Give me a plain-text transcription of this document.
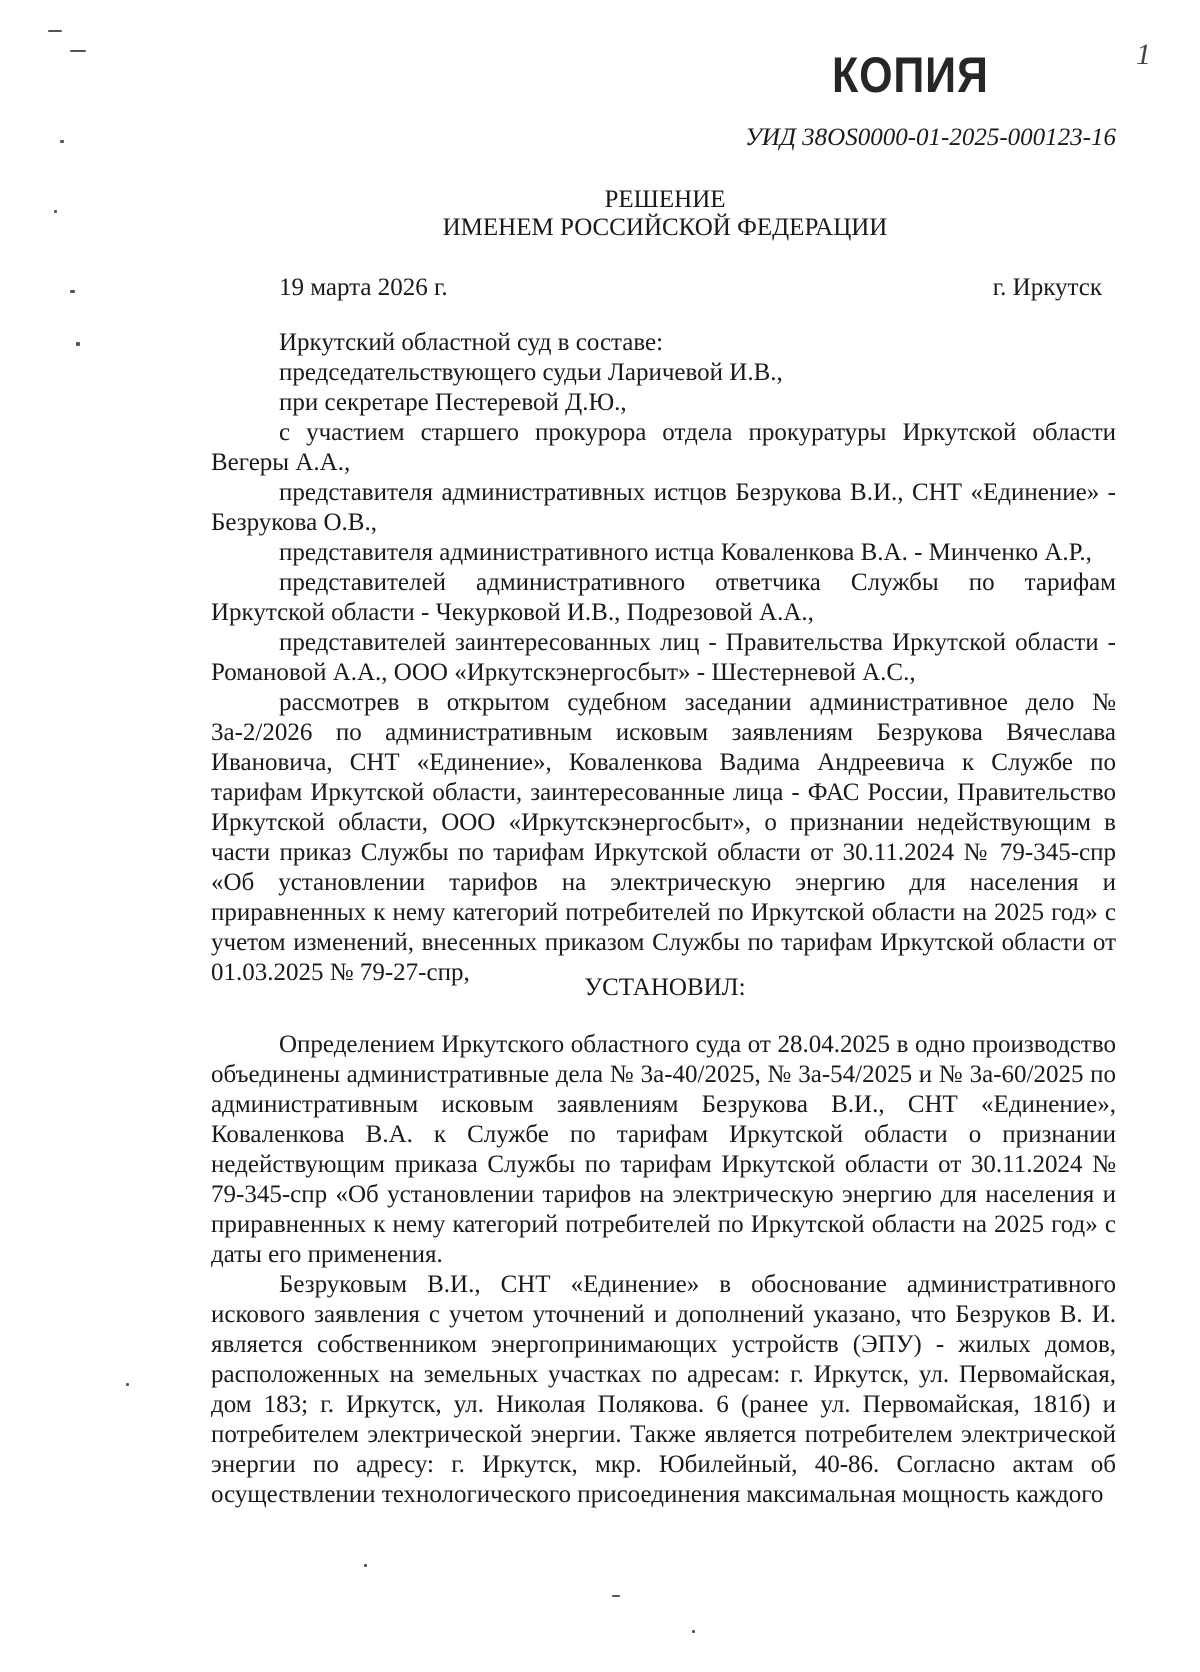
КОПИЯ	1
УИД 38OS0000-01-2025-000123-16
РЕШЕНИЕ
ИМЕНЕМ РОССИЙСКОЙ ФЕДЕРАЦИИ
19 марта 2026 г.	г. Иркутск

Иркутский областной суд в составе:

председательствующего судьи Ларичевой И.В.,

при секретаре Пестеревой Д.Ю.,

с участием старшего прокурора отдела прокуратуры Иркутской области Вегеры А.А.,

представителя административных истцов Безрукова В.И., СНТ «Единение» - Безрукова О.В.,

представителя административного истца Коваленкова В.А. - Минченко А.Р.,

представителей административного ответчика Службы по тарифам Иркутской области - Чекурковой И.В., Подрезовой А.А.,

представителей заинтересованных лиц - Правительства Иркутской области - Романовой А.А., ООО «Иркутскэнергосбыт» - Шестерневой А.С.,

рассмотрев в открытом судебном заседании административное дело № 3а-2/2026 по административным исковым заявлениям Безрукова Вячеслава Ивановича, СНТ «Единение», Коваленкова Вадима Андреевича к Службе по тарифам Иркутской области, заинтересованные лица - ФАС России, Правительство Иркутской области, ООО «Иркутскэнергосбыт», о признании недействующим в части приказ Службы по тарифам Иркутской области от 30.11.2024 № 79-345-спр «Об установлении тарифов на электрическую энергию для населения и приравненных к нему категорий потребителей по Иркутской области на 2025 год» с учетом изменений, внесенных приказом Службы по тарифам Иркутской области от 01.03.2025 № 79-27-спр,

УСТАНОВИЛ:

Определением Иркутского областного суда от 28.04.2025 в одно производство объединены административные дела № 3а-40/2025, № 3а-54/2025 и № 3а-60/2025 по административным исковым заявлениям Безрукова В.И., СНТ «Единение», Коваленкова В.А. к Службе по тарифам Иркутской области о признании недействующим приказа Службы по тарифам Иркутской области от 30.11.2024 № 79-345-спр «Об установлении тарифов на электрическую энергию для населения и приравненных к нему категорий потребителей по Иркутской области на 2025 год» с даты его применения.

Безруковым В.И., СНТ «Единение» в обоснование административного искового заявления с учетом уточнений и дополнений указано, что Безруков В. И. является собственником энергопринимающих устройств (ЭПУ) - жилых домов, расположенных на земельных участках по адресам: г. Иркутск, ул. Первомайская, дом 183; г. Иркутск, ул. Николая Полякова. 6 (ранее ул. Первомайская, 181б) и потребителем электрической энергии. Также является потребителем электрической энергии по адресу: г. Иркутск, мкр. Юбилейный, 40-86. Согласно актам об осуществлении технологического присоединения максимальная мощность каждого
